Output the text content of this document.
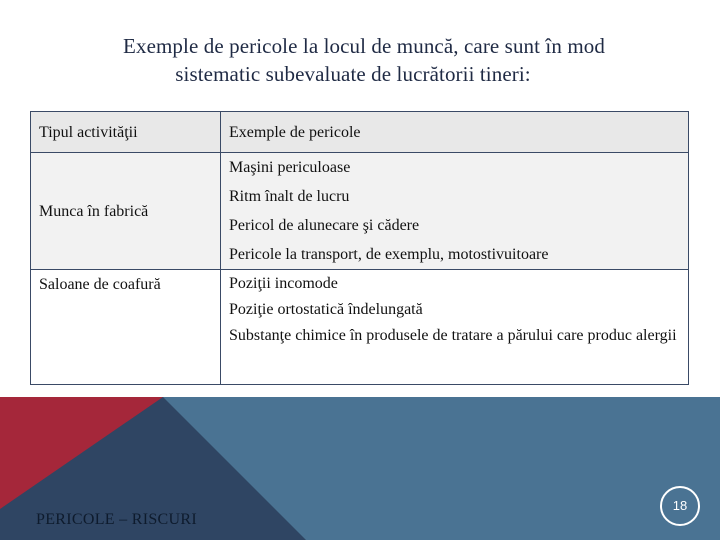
Exemple de pericole la locul de muncă, care sunt în mod
sistematic subevaluate de lucrătorii tineri:
Tipul activităţii	Exemple de pericole
Munca în fabrică	Maşini periculoase
Ritm înalt de lucru
Pericol de alunecare şi cădere
Pericole la transport, de exemplu, motostivuitoare

Saloane de coafură	Poziţii incomode
Poziţie ortostatică îndelungată
Substanţe chimice în produsele de tratare a părului care produc alergii
PERICOLE – RISCURI
18
